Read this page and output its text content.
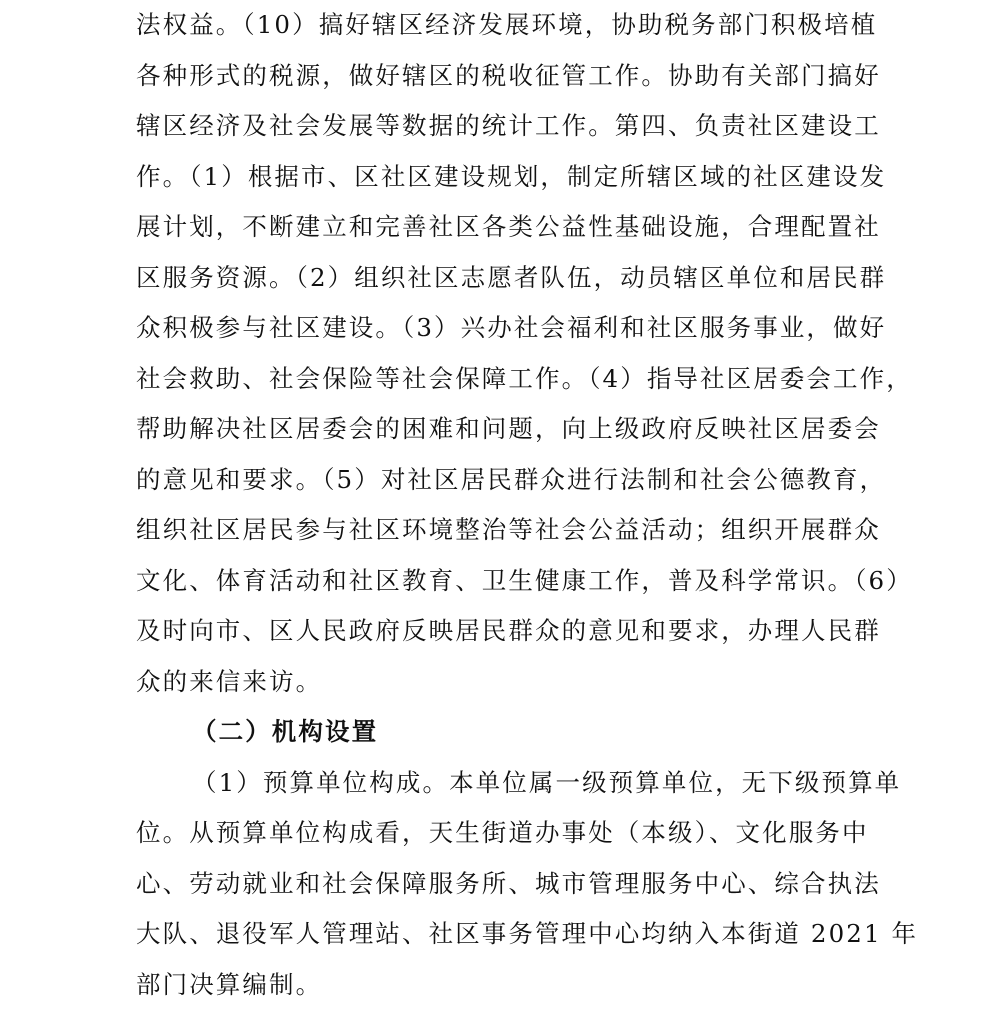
法权益。（10）搞好辖区经济发展环境，协助税务部门积极培植
各种形式的税源，做好辖区的税收征管工作。协助有关部门搞好
辖区经济及社会发展等数据的统计工作。第四、负责社区建设工
作。（1）根据市、区社区建设规划，制定所辖区域的社区建设发
展计划，不断建立和完善社区各类公益性基础设施，合理配置社
区服务资源。（2）组织社区志愿者队伍，动员辖区单位和居民群
众积极参与社区建设。（3）兴办社会福利和社区服务事业，做好
社会救助、社会保险等社会保障工作。（4）指导社区居委会工作，
帮助解决社区居委会的困难和问题，向上级政府反映社区居委会
的意见和要求。（5）对社区居民群众进行法制和社会公德教育，
组织社区居民参与社区环境整治等社会公益活动；组织开展群众
文化、体育活动和社区教育、卫生健康工作，普及科学常识。（6）
及时向市、区人民政府反映居民群众的意见和要求，办理人民群
众的来信来访。
（二）机构设置
（1）预算单位构成。本单位属一级预算单位，无下级预算单
位。从预算单位构成看，天生街道办事处（本级）、文化服务中
心、劳动就业和社会保障服务所、城市管理服务中心、综合执法
大队、退役军人管理站、社区事务管理中心均纳入本街道 2021 年
部门决算编制。
